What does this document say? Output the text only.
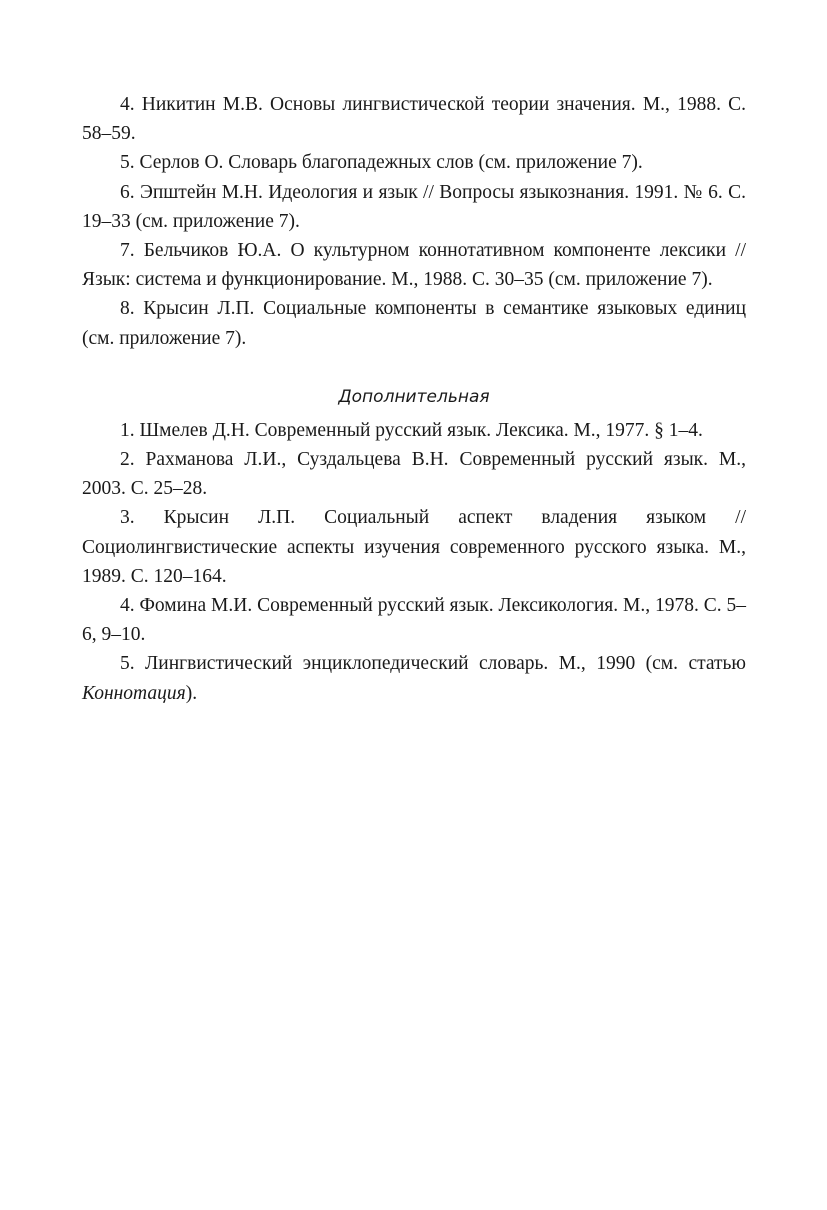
4. Никитин М.В. Основы лингвистической теории значения. М., 1988. С. 58–59.

5. Серлов О. Словарь благопадежных слов (см. приложение 7).

6. Эпштейн М.Н. Идеология и язык // Вопросы языкознания. 1991. № 6. С. 19–33 (см. приложение 7).

7. Бельчиков Ю.А. О культурном коннотативном компоненте лексики // Язык: система и функционирование. М., 1988. С. 30–35 (см. приложение 7).

8. Крысин Л.П. Социальные компоненты в семантике языковых единиц (см. приложение 7).

Дополнительная

1. Шмелев Д.Н. Современный русский язык. Лексика. М., 1977. § 1–4.

2. Рахманова Л.И., Суздальцева В.Н. Современный русский язык. М., 2003. С. 25–28.

3. Крысин Л.П. Социальный аспект владения языком // Социолингвистические аспекты изучения современного русского языка. М., 1989. С. 120–164.

4. Фомина М.И. Современный русский язык. Лексикология. М., 1978. С. 5–6, 9–10.

5. Лингвистический энциклопедический словарь. М., 1990 (см. статью Коннотация).
